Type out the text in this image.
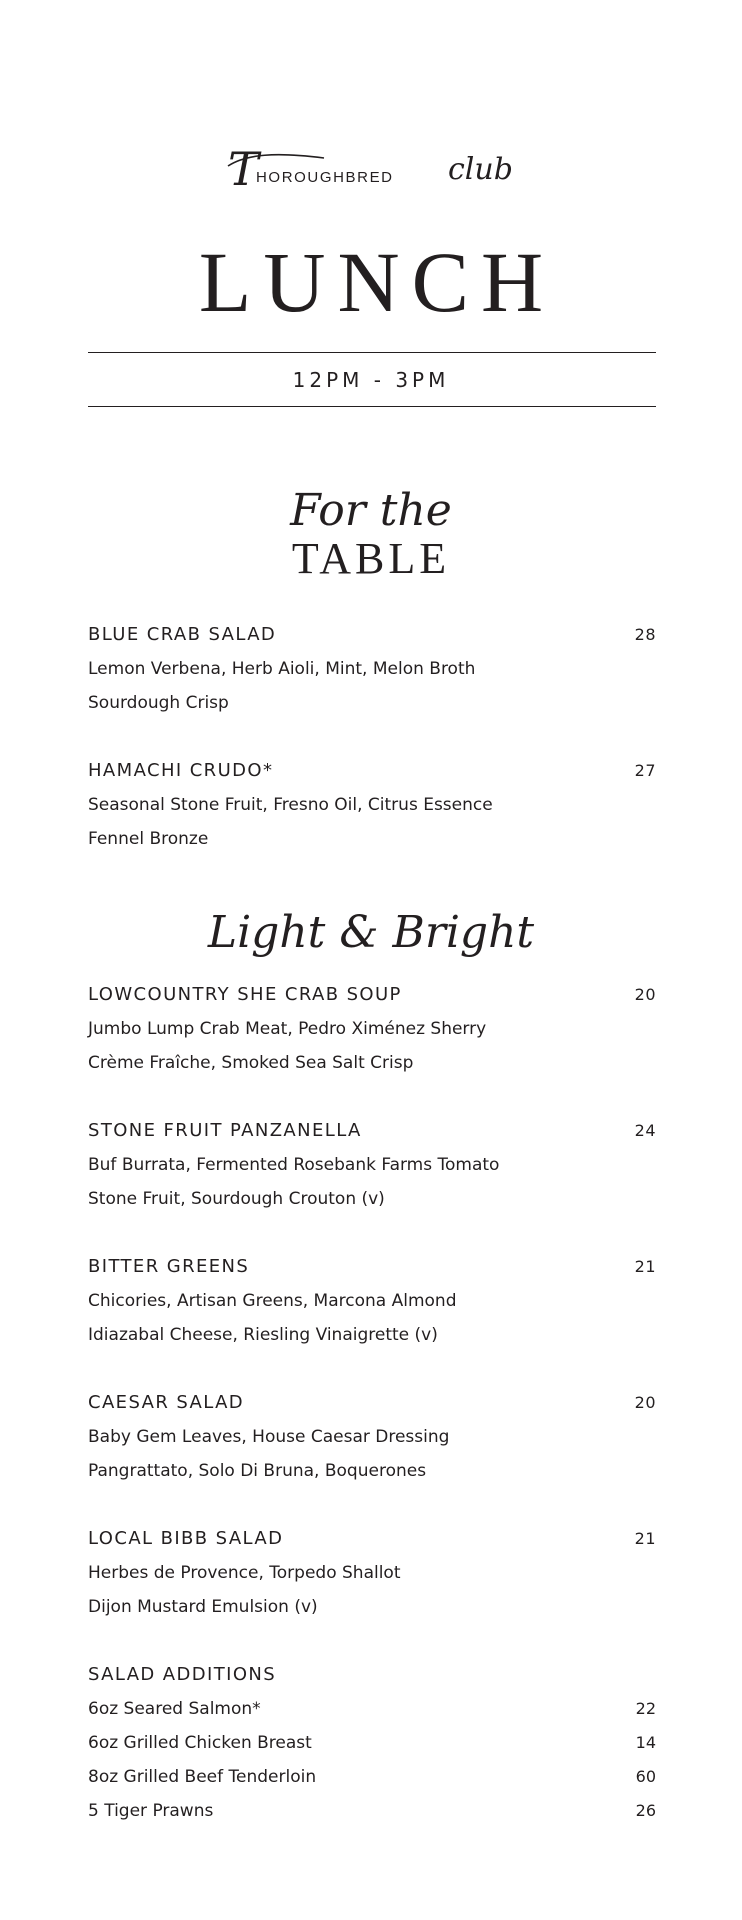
T
HOROUGHBRED club
LUNCH
12PM - 3PM
For the
TABLE
BLUE CRAB SALAD	28
Lemon Verbena, Herb Aioli, Mint, Melon Broth
Sourdough Crisp
HAMACHI CRUDO*	27
Seasonal Stone Fruit, Fresno Oil, Citrus Essence
Fennel Bronze
Light & Bright
LOWCOUNTRY SHE CRAB SOUP	20
Jumbo Lump Crab Meat, Pedro Ximénez Sherry
Crème Fraîche, Smoked Sea Salt Crisp
STONE FRUIT PANZANELLA	24
Buf Burrata, Fermented Rosebank Farms Tomato
Stone Fruit, Sourdough Crouton (v)
BITTER GREENS	21
Chicories, Artisan Greens, Marcona Almond
Idiazabal Cheese, Riesling Vinaigrette (v)
CAESAR SALAD	20
Baby Gem Leaves, House Caesar Dressing
Pangrattato, Solo Di Bruna, Boquerones
LOCAL BIBB SALAD	21
Herbes de Provence, Torpedo Shallot
Dijon Mustard Emulsion (v)
SALAD ADDITIONS
6oz Seared Salmon*	22
6oz Grilled Chicken Breast	14
8oz Grilled Beef Tenderloin	60
5 Tiger Prawns	26
